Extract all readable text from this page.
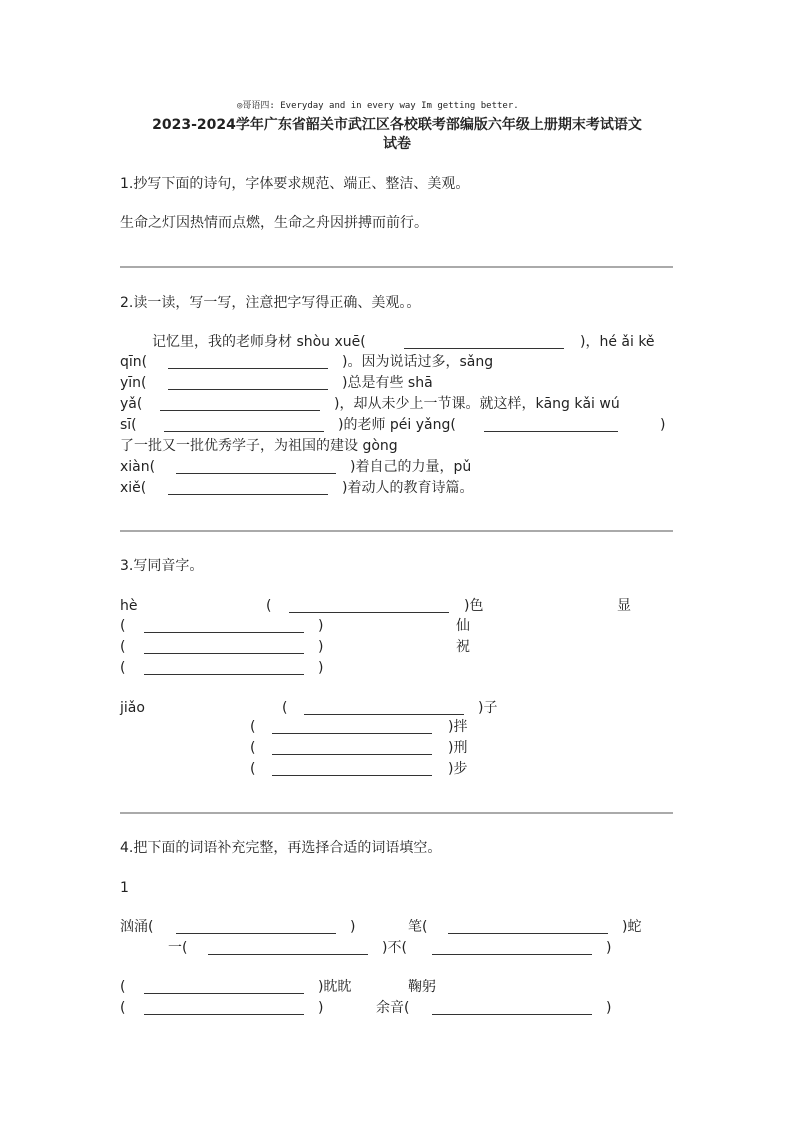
◎哥语四: Everyday and in every way Im getting better.
2023-2024学年广东省韶关市武江区各校联考部编版六年级上册期末考试语文
试卷
1.抄写下面的诗句，字体要求规范、端正、整洁、美观。
生命之灯因热情而点燃，生命之舟因拼搏而前行。
2.读一读，写一写，注意把字写得正确、美观。。
记忆里，我的老师身材 shòu xuē(	)，hé ǎi kě
qīn(	)。因为说话过多，sǎng
yīn(	)总是有些 shā
yǎ(	)，却从未少上一节课。就这样，kāng kǎi wú
sī(	)的老师 péi yǎng(	)
了一批又一批优秀学子，为祖国的建设 gòng
xiàn(	)着自己的力量，pǔ
xiě(	)着动人的教育诗篇。
3.写同音字。
hè	(	)色	显
(	)	仙
(	)	祝
(	)
jiǎo	(	)子
(	)拌
(	)刑
(	)步
4.把下面的词语补充完整，再选择合适的词语填空。
1
汹涌(	)	笔(	)蛇
一(	)不(	)
(	)眈眈	鞠躬
(	)	余音(	)
